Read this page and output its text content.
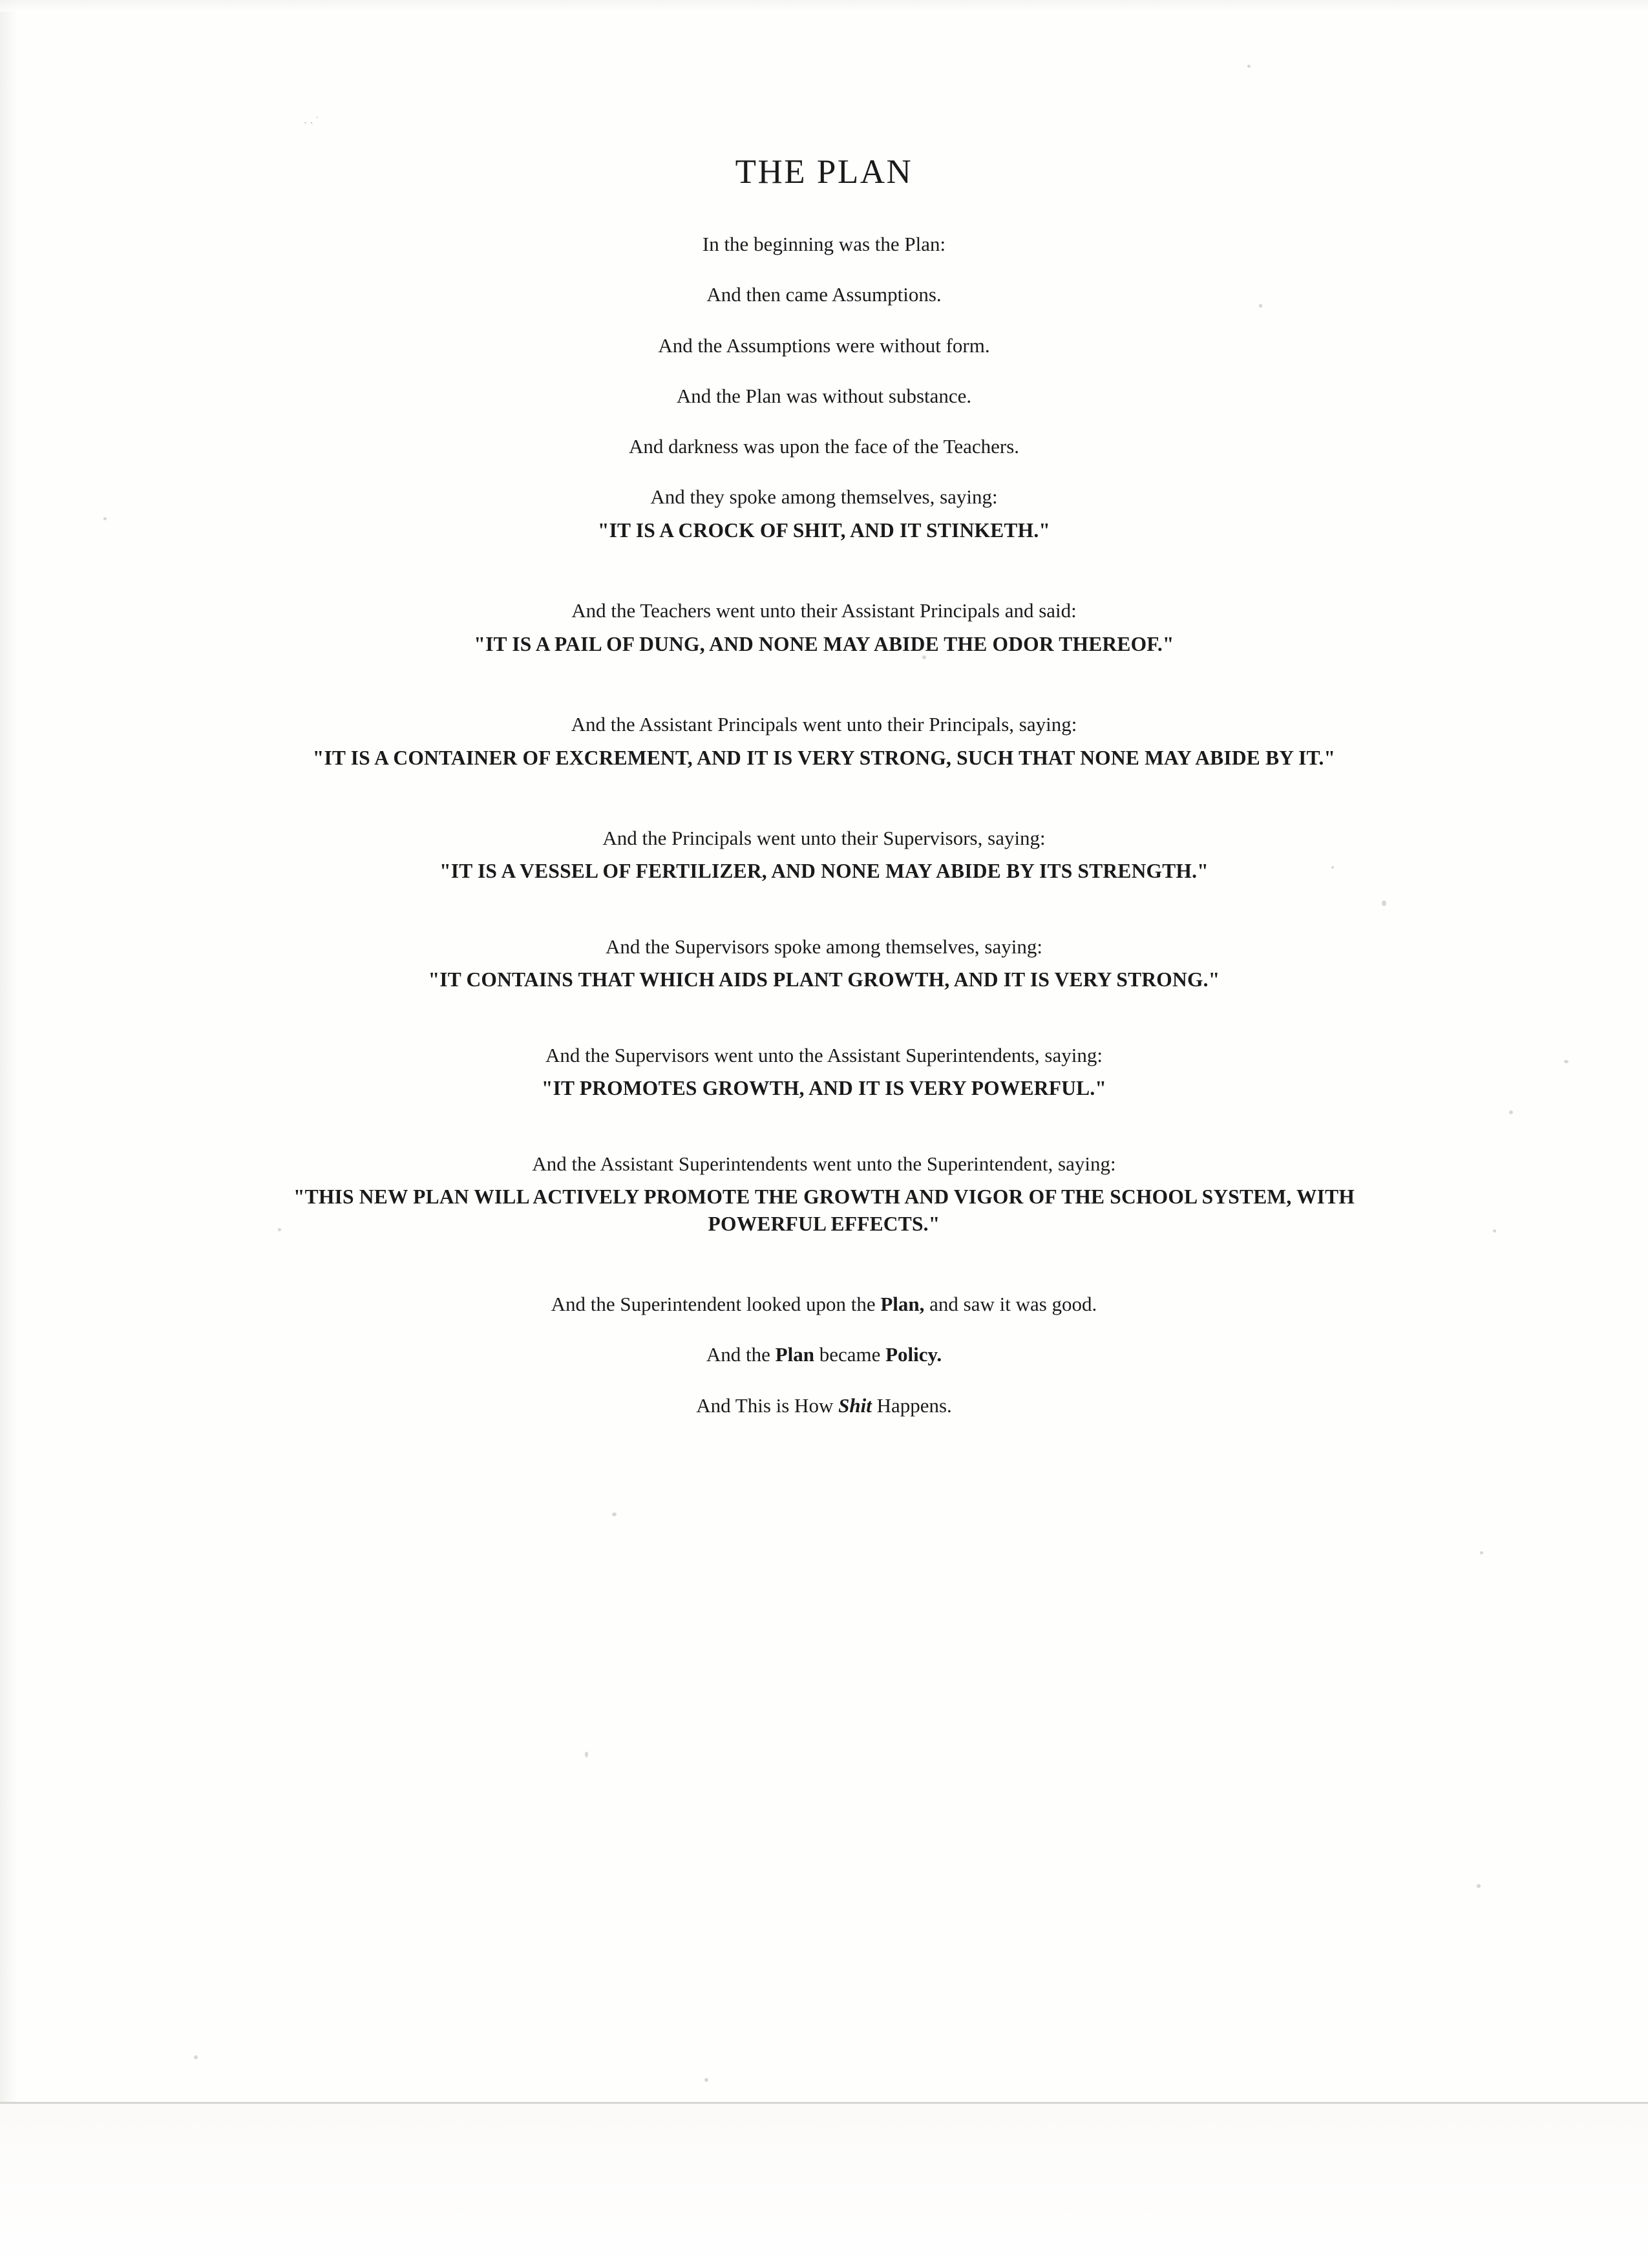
ˏ ˎ ˑ
THE PLAN
In the beginning was the Plan:
And then came Assumptions.
And the Assumptions were without form.
And the Plan was without substance.
And darkness was upon the face of the Teachers.
And they spoke among themselves, saying:
"IT IS A CROCK OF SHIT, AND IT STINKETH."
And the Teachers went unto their Assistant Principals and said:
"IT IS A PAIL OF DUNG, AND NONE MAY ABIDE THE ODOR THEREOF."
And the Assistant Principals went unto their Principals, saying:
"IT IS A CONTAINER OF EXCREMENT, AND IT IS VERY STRONG, SUCH THAT NONE MAY ABIDE BY IT."
And the Principals went unto their Supervisors, saying:
"IT IS A VESSEL OF FERTILIZER, AND NONE MAY ABIDE BY ITS STRENGTH."
And the Supervisors spoke among themselves, saying:
"IT CONTAINS THAT WHICH AIDS PLANT GROWTH, AND IT IS VERY STRONG."
And the Supervisors went unto the Assistant Superintendents, saying:
"IT PROMOTES GROWTH, AND IT IS VERY POWERFUL."
And the Assistant Superintendents went unto the Superintendent, saying:
"THIS NEW PLAN WILL ACTIVELY PROMOTE THE GROWTH AND VIGOR OF THE SCHOOL SYSTEM, WITH POWERFUL EFFECTS."
And the Superintendent looked upon the Plan, and saw it was good.
And the Plan became Policy.
And This is How Shit Happens.
